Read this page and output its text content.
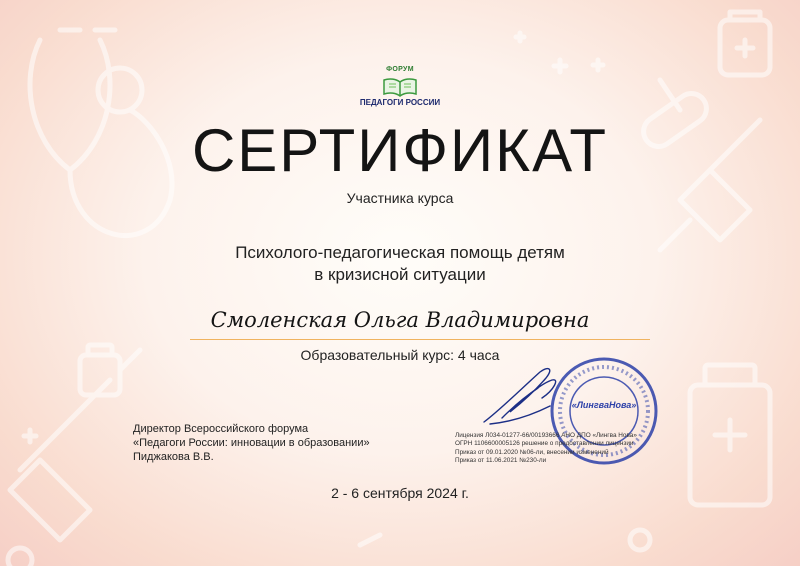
ФОРУМ
ПЕДАГОГИ РОССИИ
СЕРТИФИКАТ
Участника курса
Психолого-педагогическая помощь детям
в кризисной ситуации
Смоленская Ольга Владимировна
Образовательный курс: 4 часа
«ЛингваНова»
Директор Всероссийского форума
«Педагоги России: инновации в образовании»
Пиджакова В.В.
Лицензия Л034-01277-66/00193666 АНО ДПО «Лингва Нова»
ОГРН 1106600005126 решение о предоставлении лицензии
Приказ от 09.01.2020 №06-ли, внесении изменений
Приказ от 11.06.2021 №230-ли
2 - 6 сентября 2024 г.
